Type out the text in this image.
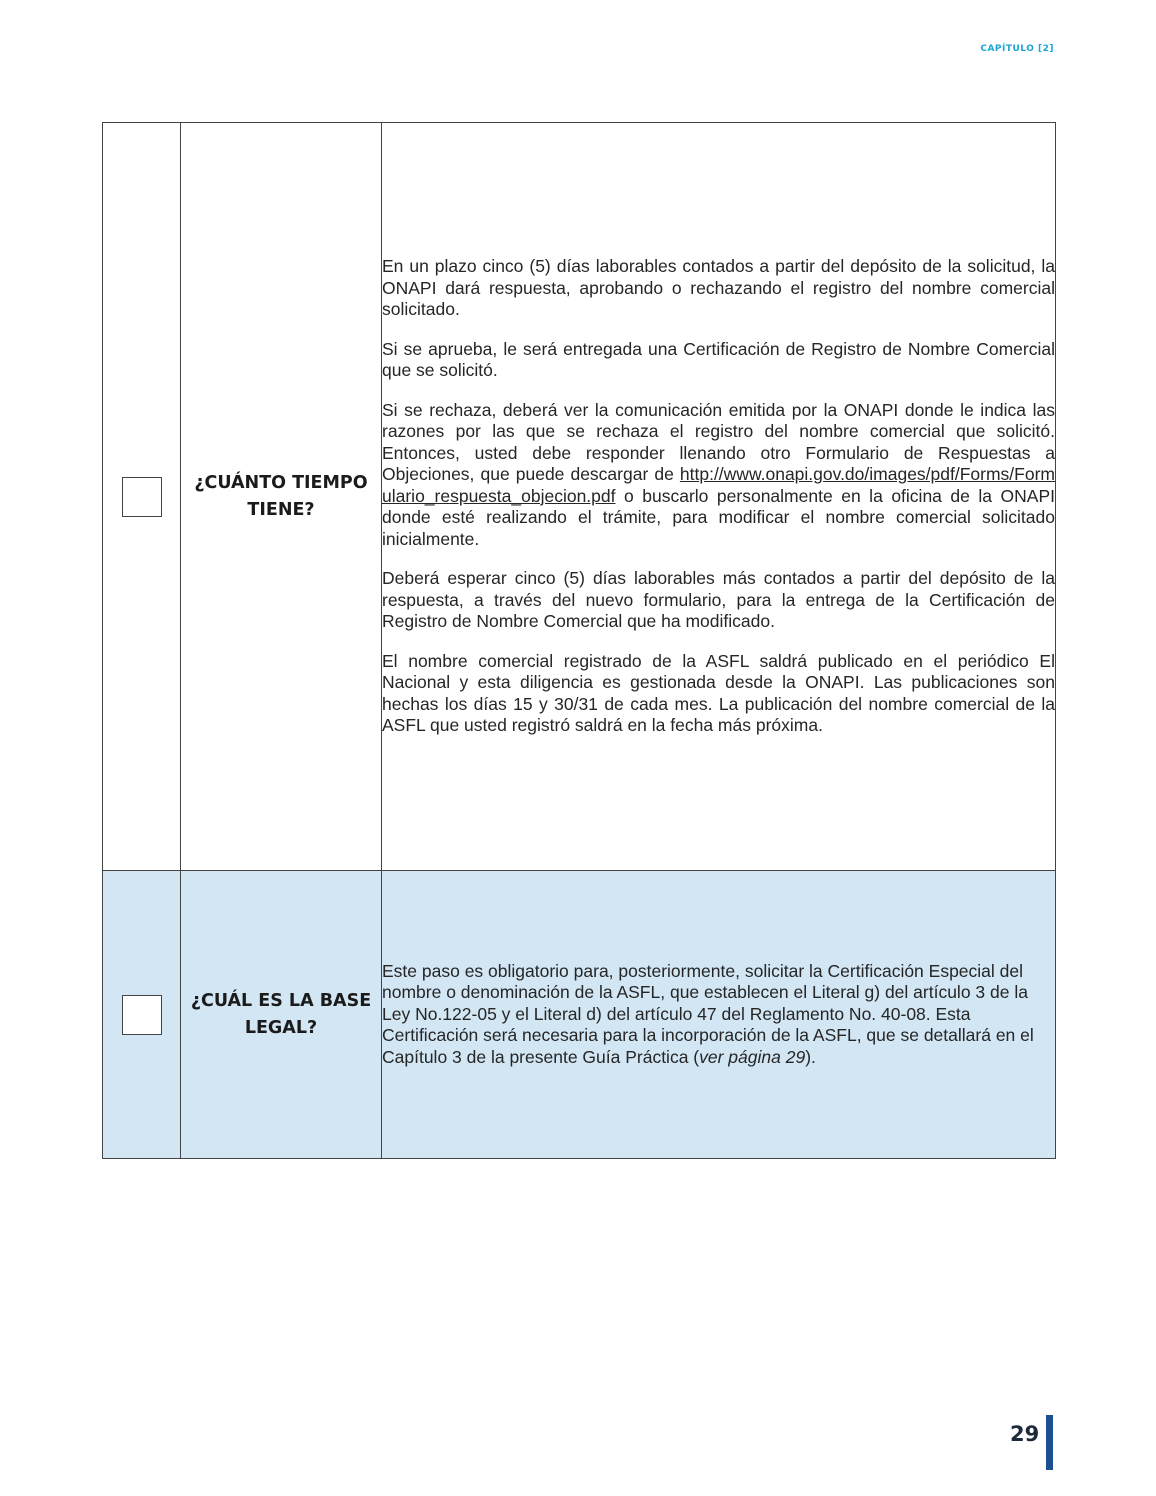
CAPÍTULO [2]
	¿CUÁNTO TIEMPO TIENE?	En un plazo cinco (5) días laborables contados a partir del depósito de la solicitud, la ONAPI dará respuesta, aprobando o rechazando el registro del nombre comercial solicitado.

Si se aprueba, le será entregada una Certificación de Registro de Nombre Comercial que se solicitó.

Si se rechaza, deberá ver la comunicación emitida por la ONAPI donde le indica las razones por las que se rechaza el registro del nombre comercial que solicitó. Entonces, usted debe responder llenando otro Formulario de Respuestas a Objeciones, que puede descargar de http://www.onapi.gov.do/images/pdf/Forms/Formulario_respuesta_objecion.pdf o buscarlo personalmente en la oficina de la ONAPI donde esté realizando el trámite, para modificar el nombre comercial solicitado inicialmente.

Deberá esperar cinco (5) días laborables más contados a partir del depósito de la respuesta, a través del nuevo formulario, para la entrega de la Certificación de Registro de Nombre Comercial que ha modificado.

El nombre comercial registrado de la ASFL saldrá publicado en el periódico El Nacional y esta diligencia es gestionada desde la ONAPI. Las publicaciones son hechas los días 15 y 30/31 de cada mes. La publicación del nombre comercial de la ASFL que usted registró saldrá en la fecha más próxima.

	¿CUÁL ES LA BASE LEGAL?	Este paso es obligatorio para, posteriormente, solicitar la Certificación Especial del nombre o denominación de la ASFL, que establecen el Literal g) del artículo 3 de la Ley No.122-05 y el Literal d) del artículo 47 del Reglamento No. 40-08. Esta Certificación será necesaria para la incorporación de la ASFL, que se detallará en el Capítulo 3 de la presente Guía Práctica (ver página 29).

29
